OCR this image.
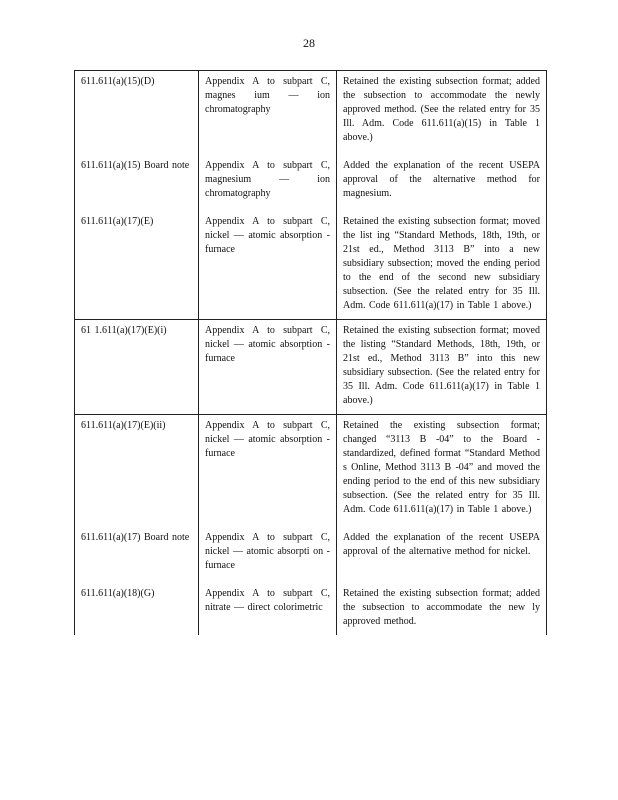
28
611.611(a)(15)(D)	Appendix A to subpart C, magnes ium — ion chromatography	Retained the existing subsection format; added the subsection to accommodate the newly approved method. (See the related entry for 35 Ill. Adm. Code 611.611(a)(15) in Table 1 above.)
611.611(a)(15) Board note	Appendix A to subpart C, magnesium — ion chromatography	Added the explanation of the recent USEPA approval of the alternative method for magnesium.
611.611(a)(17)(E)	Appendix A to subpart C, nickel — atomic absorption -furnace	Retained the existing subsection format; moved the list ing “Standard Methods, 18th, 19th, or 21st ed., Method 3113 B” into a new subsidiary subsection; moved the ending period to the end of the second new subsidiary subsection. (See the related entry for 35 Ill. Adm. Code 611.611(a)(17) in Table 1 above.)
61 1.611(a)(17)(E)(i)	Appendix A to subpart C, nickel — atomic absorption -furnace	Retained the existing subsection format; moved the listing “Standard Methods, 18th, 19th, or 21st ed., Method 3113 B” into this new subsidiary subsection. (See the related entry for 35 Ill. Adm. Code 611.611(a)(17) in Table 1 above.)
611.611(a)(17)(E)(ii)	Appendix A to subpart C, nickel — atomic absorption -furnace	Retained the existing subsection format; changed “3113 B -04” to the Board - standardized, defined format “Standard Method s Online, Method 3113 B -04” and moved the ending period to the end of this new subsidiary subsection. (See the related entry for 35 Ill. Adm. Code 611.611(a)(17) in Table 1 above.)
611.611(a)(17) Board note	Appendix A to subpart C, nickel — atomic absorpti on -furnace	Added the explanation of the recent USEPA approval of the alternative method for nickel.
611.611(a)(18)(G)	Appendix A to subpart C, nitrate — direct colorimetric	Retained the existing subsection format; added the subsection to accommodate the new ly approved method.
